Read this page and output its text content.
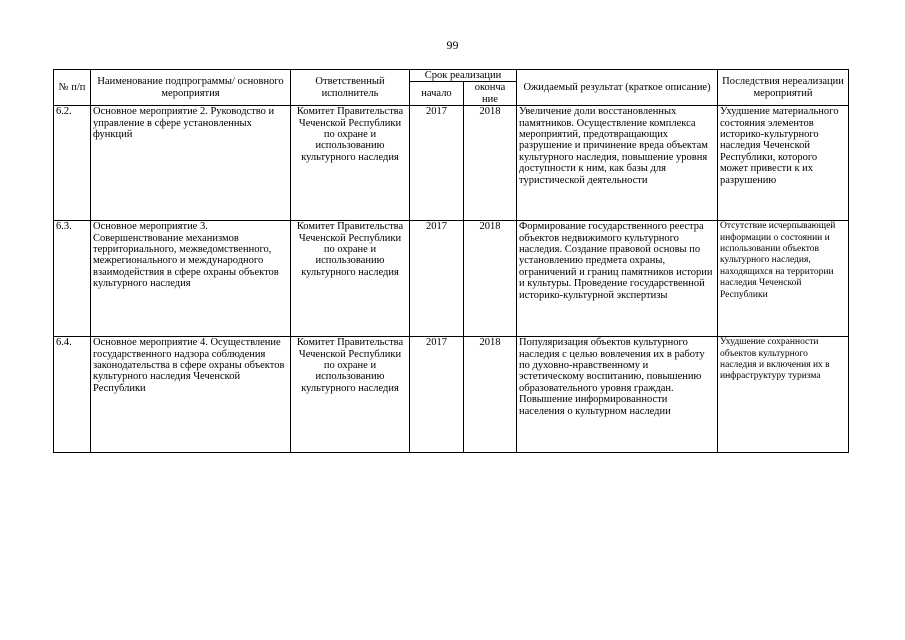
99
№ п/п	Наименование подпрограммы/ основного мероприятия	Ответственный исполнитель	Срок реализации		Ожидаемый результат (краткое описание)	Последствия нереализации мероприятий
			начало	оконча ние		
6.2.	Основное мероприятие 2. Руководство и управление в сфере установленных функций	Комитет Правительства Чеченской Республики по охране и использованию культурного наследия	2017	2018	Увеличение доли восстановленных памятников. Осуществление комплекса мероприятий, предотвращающих разрушение и причинение вреда объектам культурного наследия, повышение уровня доступности к ним, как базы для туристической деятельности	Ухудшение материального состояния элементов историко-культурного наследия Чеченской Республики, которого может привести к их разрушению
6.3.	Основное мероприятие 3. Совершенствование механизмов территориального, межведомственного, межрегионального и международного взаимодействия в сфере охраны объектов культурного наследия	Комитет Правительства Чеченской Республики по охране и использованию культурного наследия	2017	2018	Формирование государственного реестра объектов недвижимого культурного наследия. Создание правовой основы по установлению предмета охраны, ограничений и границ памятников истории и культуры. Проведение государственной историко-культурной экспертизы	Отсутствие исчерпывающей информации о состоянии и использовании объектов культурного наследия, находящихся на территории наследия Чеченской Республики
6.4.	Основное мероприятие 4. Осуществление государственного надзора соблюдения законодательства в сфере охраны объектов культурного наследия Чеченской Республики	Комитет Правительства Чеченской Республики по охране и использованию культурного наследия	2017	2018	Популяризация объектов культурного наследия с целью вовлечения их в работу по духовно-нравственному и эстетическому воспитанию, повышению образовательного уровня граждан. Повышение информированности населения о культурном наследии	Ухудшение сохранности объектов культурного наследия и включения их в инфраструктуру туризма
